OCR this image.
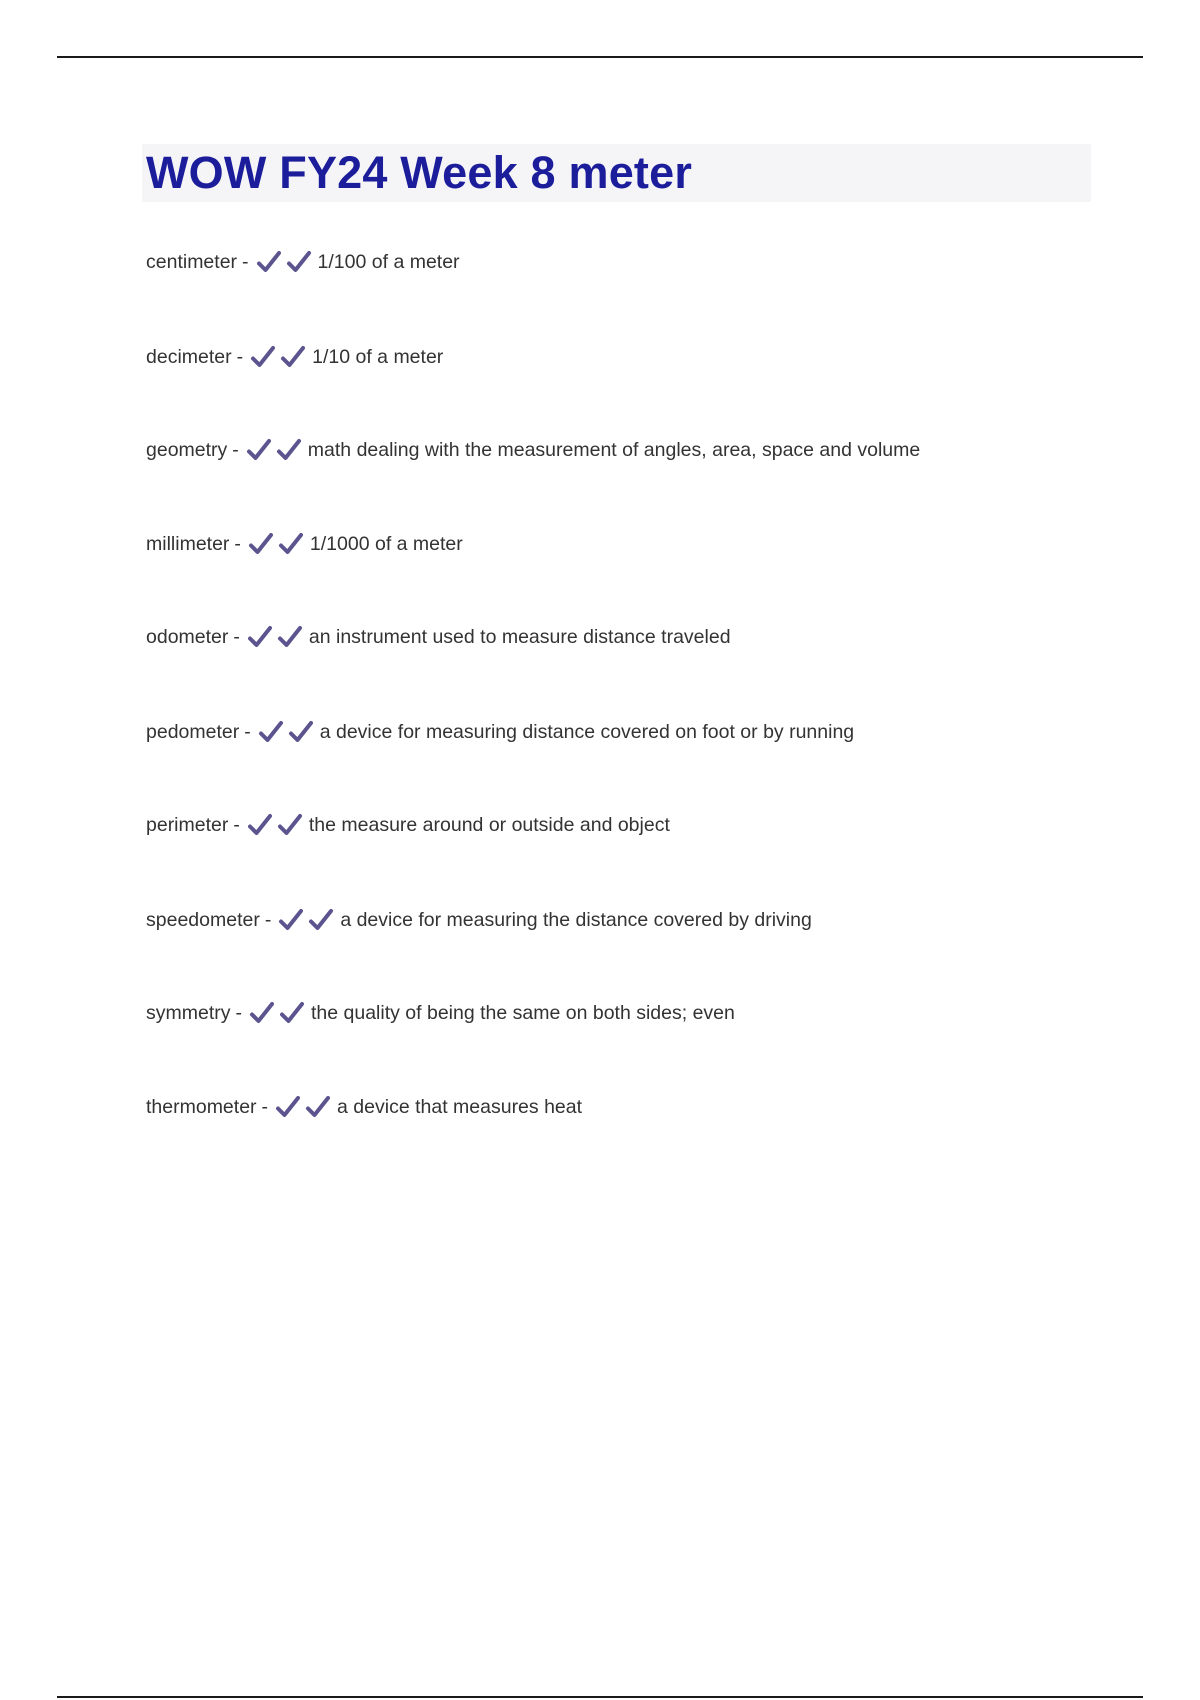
WOW FY24 Week 8 meter
centimeter -	1/100 of a meter
decimeter -	1/10 of a meter
geometry -	math dealing with the measurement of angles, area, space and volume
millimeter -	1/1000 of a meter
odometer -	an instrument used to measure distance traveled
pedometer -	a device for measuring distance covered on foot or by running
perimeter -	the measure around or outside and object
speedometer -	a device for measuring the distance covered by driving
symmetry -	the quality of being the same on both sides; even
thermometer -	a device that measures heat
